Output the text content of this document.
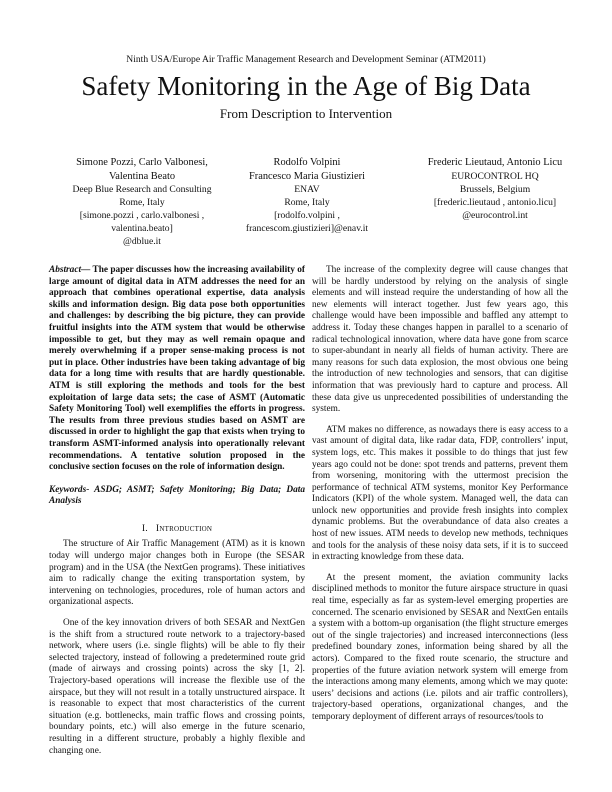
Ninth USA/Europe Air Traffic Management Research and Development Seminar (ATM2011)
Safety Monitoring in the Age of Big Data
From Description to Intervention
Simone Pozzi, Carlo Valbonesi,
Valentina Beato
Deep Blue Research and Consulting
Rome, Italy
[simone.pozzi , carlo.valbonesi ,
valentina.beato]
@dblue.it
Rodolfo Volpini
Francesco Maria Giustizieri
ENAV
Rome, Italy
[rodolfo.volpini ,
francescom.giustizieri]@enav.it
Frederic Lieutaud, Antonio Licu
EUROCONTROL HQ
Brussels, Belgium
[frederic.lieutaud , antonio.licu]
@eurocontrol.int

Abstract— The paper discusses how the increasing availability of large amount of digital data in ATM addresses the need for an approach that combines operational expertise, data analysis skills and information design. Big data pose both opportunities and challenges: by describing the big picture, they can provide fruitful insights into the ATM system that would be otherwise impossible to get, but they may as well remain opaque and merely overwhelming if a proper sense-making process is not put in place. Other industries have been taking advantage of big data for a long time with results that are hardly questionable. ATM is still exploring the methods and tools for the best exploitation of large data sets; the case of ASMT (Automatic Safety Monitoring Tool) well exemplifies the efforts in progress. The results from three previous studies based on ASMT are discussed in order to highlight the gap that exists when trying to transform ASMT-informed analysis into operationally relevant recommendations. A tentative solution proposed in the conclusive section focuses on the role of information design.

Keywords- ASDG; ASMT; Safety Monitoring; Big Data; Data Analysis

I. Introduction

The structure of Air Traffic Management (ATM) as it is known today will undergo major changes both in Europe (the SESAR program) and in the USA (the NextGen programs). These initiatives aim to radically change the exiting transportation system, by intervening on technologies, procedures, role of human actors and organizational aspects.

One of the key innovation drivers of both SESAR and NextGen is the shift from a structured route network to a trajectory-based network, where users (i.e. single flights) will be able to fly their selected trajectory, instead of following a predetermined route grid (made of airways and crossing points) across the sky [1, 2]. Trajectory-based operations will increase the flexible use of the airspace, but they will not result in a totally unstructured airspace. It is reasonable to expect that most characteristics of the current situation (e.g. bottlenecks, main traffic flows and crossing points, boundary points, etc.) will also emerge in the future scenario, resulting in a different structure, probably a highly flexible and changing one.

The increase of the complexity degree will cause changes that will be hardly understood by relying on the analysis of single elements and will instead require the understanding of how all the new elements will interact together. Just few years ago, this challenge would have been impossible and baffled any attempt to address it. Today these changes happen in parallel to a scenario of radical technological innovation, where data have gone from scarce to super-abundant in nearly all fields of human activity. There are many reasons for such data explosion, the most obvious one being the introduction of new technologies and sensors, that can digitise information that was previously hard to capture and process. All these data give us unprecedented possibilities of understanding the system.

ATM makes no difference, as nowadays there is easy access to a vast amount of digital data, like radar data, FDP, controllers’ input, system logs, etc. This makes it possible to do things that just few years ago could not be done: spot trends and patterns, prevent them from worsening, monitoring with the uttermost precision the performance of technical ATM systems, monitor Key Performance Indicators (KPI) of the whole system. Managed well, the data can unlock new opportunities and provide fresh insights into complex dynamic problems. But the overabundance of data also creates a host of new issues. ATM needs to develop new methods, techniques and tools for the analysis of these noisy data sets, if it is to succeed in extracting knowledge from these data.

At the present moment, the aviation community lacks disciplined methods to monitor the future airspace structure in quasi real time, especially as far as system-level emerging properties are concerned. The scenario envisioned by SESAR and NextGen entails a system with a bottom-up organisation (the flight structure emerges out of the single trajectories) and increased interconnections (less predefined boundary zones, information being shared by all the actors). Compared to the fixed route scenario, the structure and properties of the future aviation network system will emerge from the interactions among many elements, among which we may quote: users’ decisions and actions (i.e. pilots and air traffic controllers), trajectory-based operations, organizational changes, and the temporary deployment of different arrays of resources/tools to
